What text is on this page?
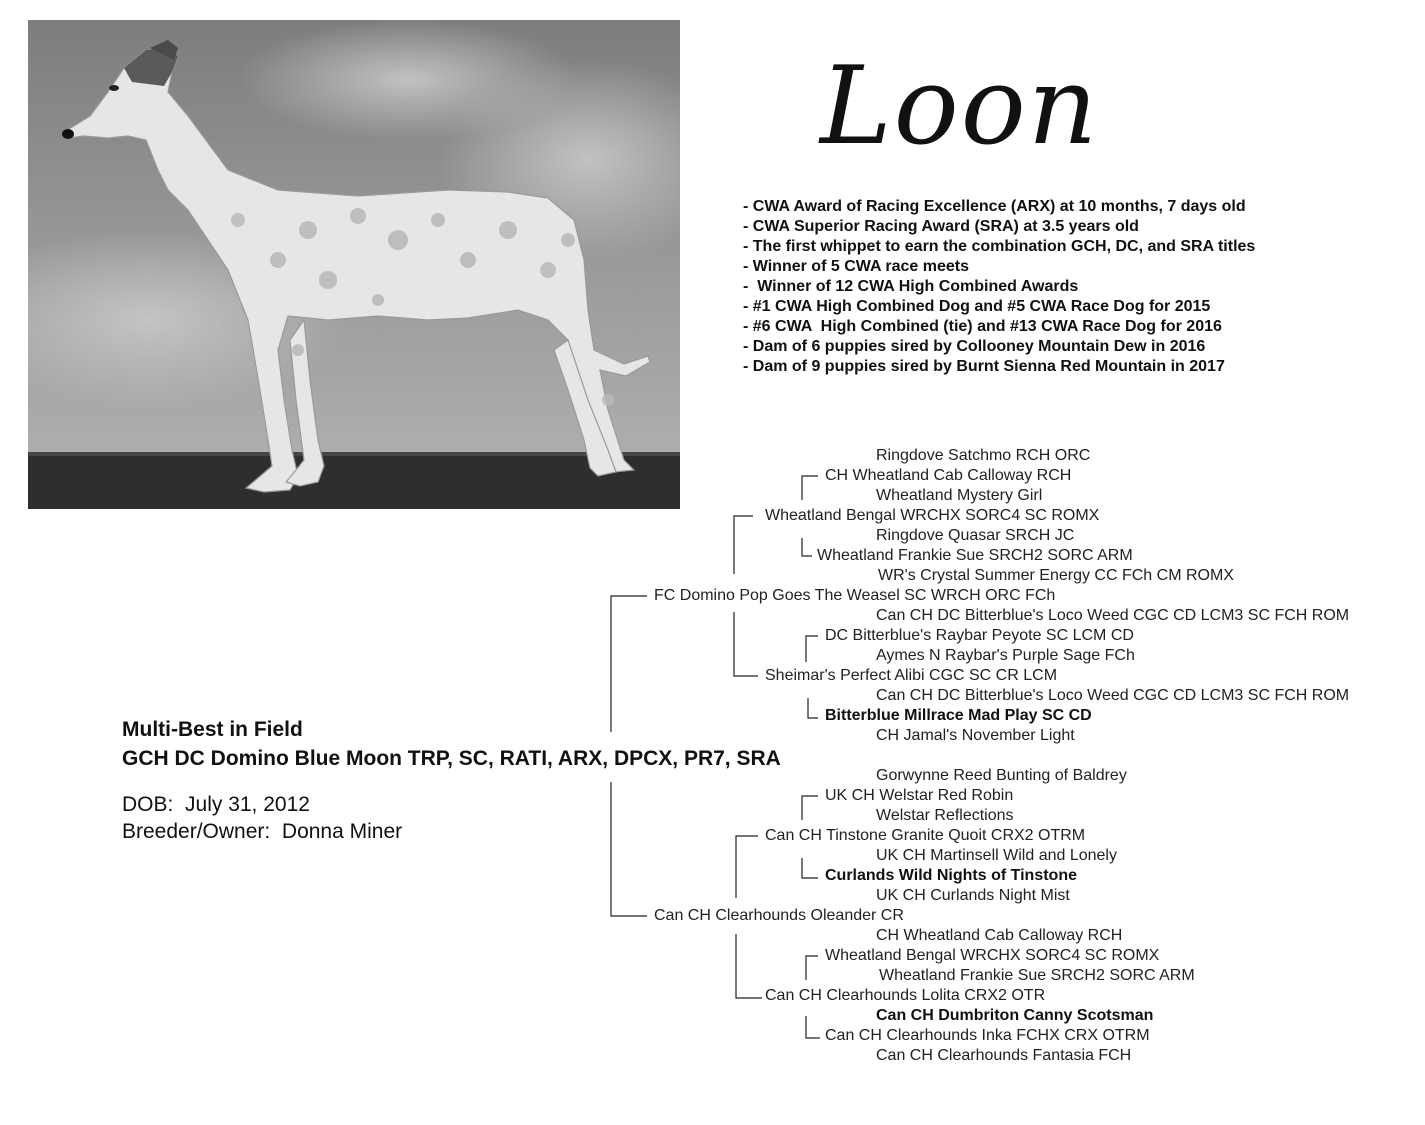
Loon
- CWA Award of Racing Excellence (ARX) at 10 months, 7 days old
- CWA Superior Racing Award (SRA) at 3.5 years old
- The first whippet to earn the combination GCH, DC, and SRA titles
- Winner of 5 CWA race meets
-  Winner of 12 CWA High Combined Awards
- #1 CWA High Combined Dog and #5 CWA Race Dog for 2015
- #6 CWA  High Combined (tie) and #13 CWA Race Dog for 2016
- Dam of 6 puppies sired by Collooney Mountain Dew in 2016
- Dam of 9 puppies sired by Burnt Sienna Red Mountain in 2017
Multi-Best in Field
GCH DC Domino Blue Moon TRP, SC, RATI, ARX, DPCX, PR7, SRA
DOB:  July 31, 2012
Breeder/Owner:  Donna Miner
FC Domino Pop Goes The Weasel SC WRCH ORC FCh
Can CH Clearhounds Oleander CR
Wheatland Bengal WRCHX SORC4 SC ROMX
Sheimar's Perfect Alibi CGC SC CR LCM
Can CH Tinstone Granite Quoit CRX2 OTRM
Can CH Clearhounds Lolita CRX2 OTR
CH Wheatland Cab Calloway RCH
Wheatland Frankie Sue SRCH2 SORC ARM
DC Bitterblue's Raybar Peyote SC LCM CD
Bitterblue Millrace Mad Play SC CD
UK CH Welstar Red Robin
Curlands Wild Nights of Tinstone
Wheatland Bengal WRCHX SORC4 SC ROMX
Can CH Clearhounds Inka FCHX CRX OTRM
Ringdove Satchmo RCH ORC
Wheatland Mystery Girl
Ringdove Quasar SRCH JC
WR's Crystal Summer Energy CC FCh CM ROMX
Can CH DC Bitterblue's Loco Weed CGC CD LCM3 SC FCH ROM
Aymes N Raybar's Purple Sage FCh
Can CH DC Bitterblue's Loco Weed CGC CD LCM3 SC FCH ROM
CH Jamal's November Light
Gorwynne Reed Bunting of Baldrey
Welstar Reflections
UK CH Martinsell Wild and Lonely
UK CH Curlands Night Mist
CH Wheatland Cab Calloway RCH
Wheatland Frankie Sue SRCH2 SORC ARM
Can CH Dumbriton Canny Scotsman
Can CH Clearhounds Fantasia FCH
